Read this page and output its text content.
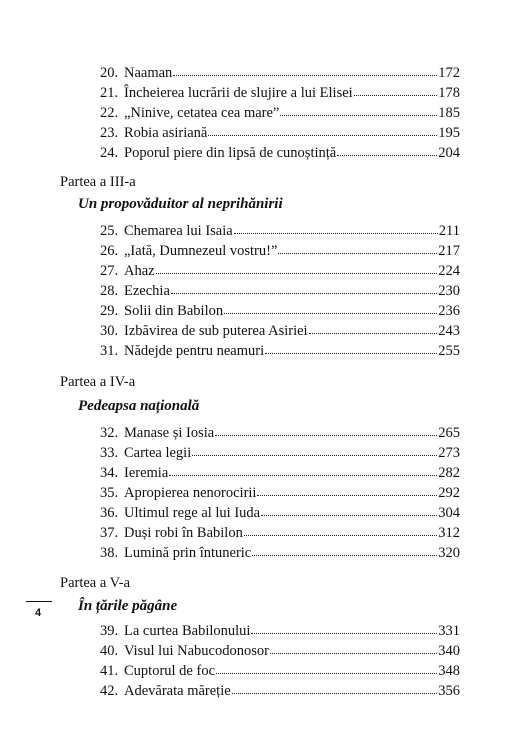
20. Naaman	172
21. Încheierea lucrării de slujire a lui Elisei	178
22. „Ninive, cetatea cea mare”	185
23. Robia asiriană	195
24. Poporul piere din lipsă de cunoștință	204
Partea a III-a
Un propovăduitor al neprihănirii
25. Chemarea lui Isaia	211
26. „Iată, Dumnezeul vostru!”	217
27. Ahaz	224
28. Ezechia	230
29. Solii din Babilon	236
30. Izbăvirea de sub puterea Asiriei	243
31. Nădejde pentru neamuri	255
Partea a IV-a
Pedeapsa națională
32. Manase și Iosia	265
33. Cartea legii	273
34. Ieremia	282
35. Apropierea nenorocirii	292
36. Ultimul rege al lui Iuda	304
37. Duși robi în Babilon	312
38. Lumină prin întuneric	320
Partea a V-a
În țările păgâne
4
39. La curtea Babilonului	331
40. Visul lui Nabucodonosor	340
41. Cuptorul de foc	348
42. Adevărata măreție	356
